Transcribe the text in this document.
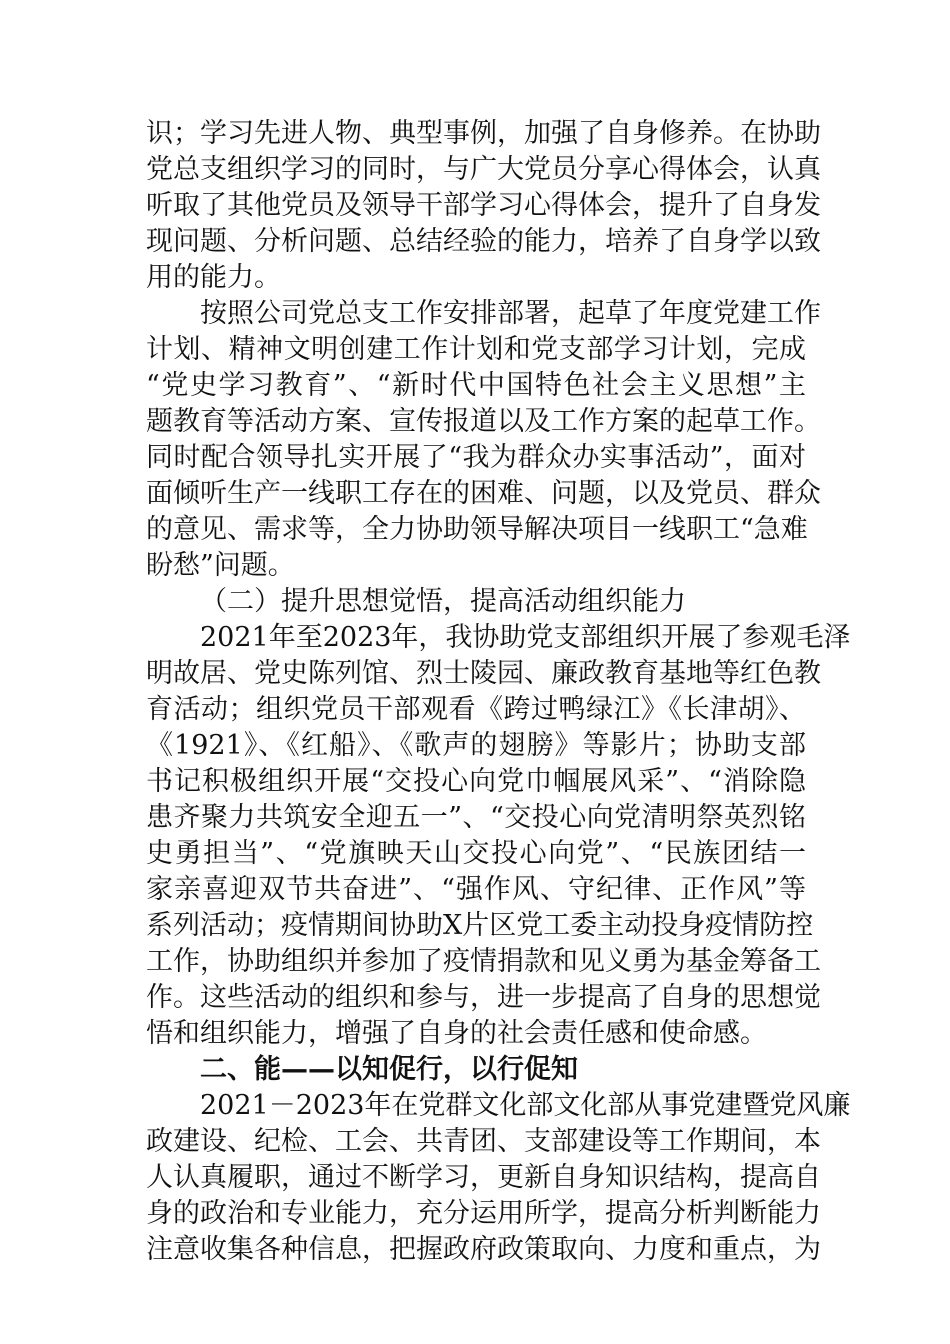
识；学习先进人物、典型事例，加强了自身修养。在协助
党总支组织学习的同时，与广大党员分享心得体会，认真
听取了其他党员及领导干部学习心得体会，提升了自身发
现问题、分析问题、总结经验的能力，培养了自身学以致
用的能力。
按照公司党总支工作安排部署，起草了年度党建工作
计划、精神文明创建工作计划和党支部学习计划，完成
“党史学习教育”、“新时代中国特色社会主义思想”主
题教育等活动方案、宣传报道以及工作方案的起草工作。
同时配合领导扎实开展了“我为群众办实事活动”，面对
面倾听生产一线职工存在的困难、问题，以及党员、群众
的意见、需求等，全力协助领导解决项目一线职工“急难
盼愁”问题。
（二）提升思想觉悟，提高活动组织能力
2021年至2023年，我协助党支部组织开展了参观毛泽
明故居、党史陈列馆、烈士陵园、廉政教育基地等红色教
育活动；组织党员干部观看《跨过鸭绿江》《长津胡》、
《1921》、《红船》、《歌声的翅膀》等影片；协助支部
书记积极组织开展“交投心向党巾帼展风采”、“消除隐
患齐聚力共筑安全迎五一”、“交投心向党清明祭英烈铭
史勇担当”、“党旗映天山交投心向党”、“民族团结一
家亲喜迎双节共奋进”、“强作风、守纪律、正作风”等
系列活动；疫情期间协助X片区党工委主动投身疫情防控
工作，协助组织并参加了疫情捐款和见义勇为基金筹备工
作。这些活动的组织和参与，进一步提高了自身的思想觉
悟和组织能力，增强了自身的社会责任感和使命感。
二、能——以知促行，以行促知
2021－2023年在党群文化部文化部从事党建暨党风廉
政建设、纪检、工会、共青团、支部建设等工作期间，本
人认真履职，通过不断学习，更新自身知识结构，提高自
身的政治和专业能力，充分运用所学，提高分析判断能力
注意收集各种信息，把握政府政策取向、力度和重点，为
